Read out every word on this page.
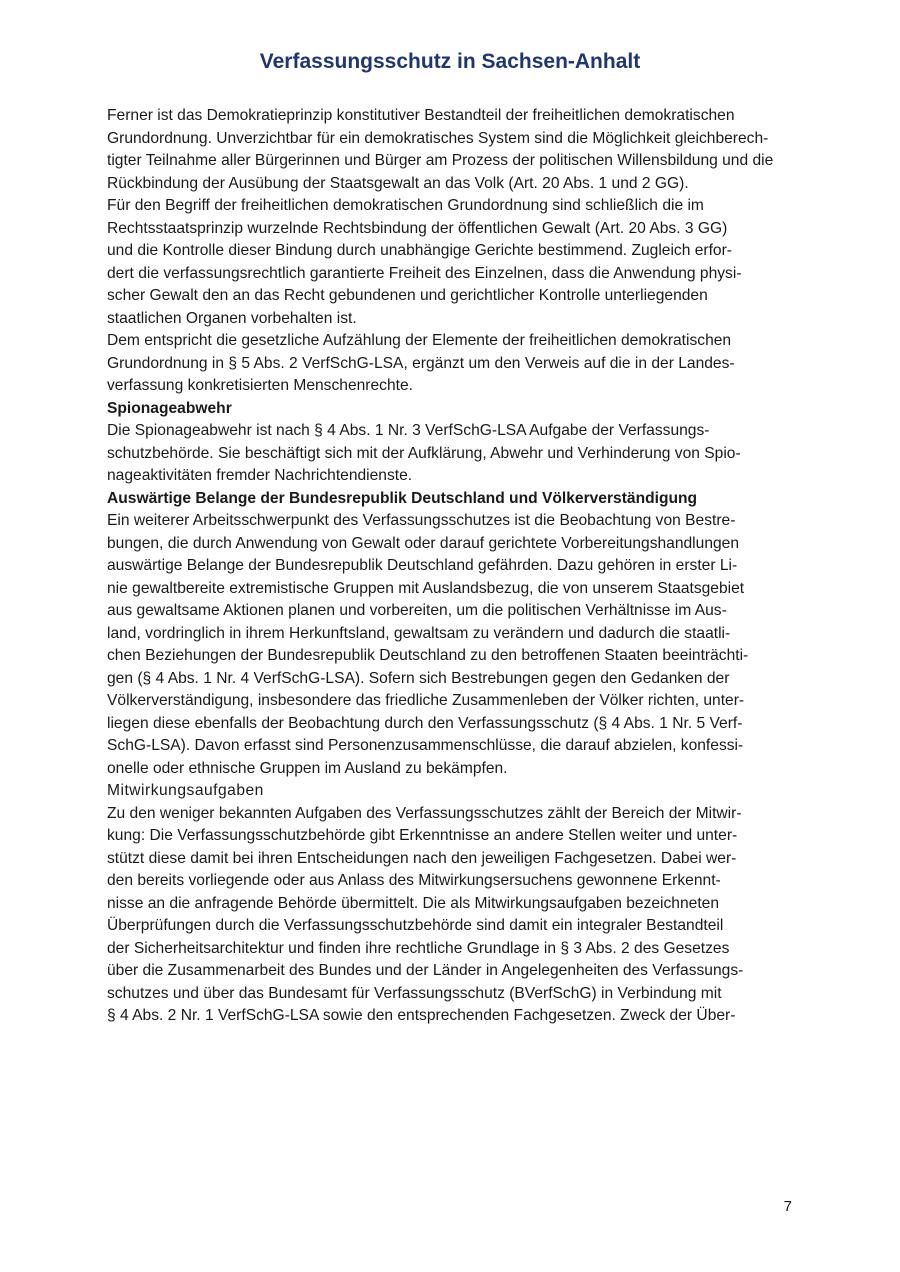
Verfassungsschutz in Sachsen-Anhalt

Ferner ist das Demokratieprinzip konstitutiver Bestandteil der freiheitlichen demokratischen
Grundordnung. Unverzichtbar für ein demokratisches System sind die Möglichkeit gleichberech-
tigter Teilnahme aller Bürgerinnen und Bürger am Prozess der politischen Willensbildung und die
Rückbindung der Ausübung der Staatsgewalt an das Volk (Art. 20 Abs. 1 und 2 GG).

Für den Begriff der freiheitlichen demokratischen Grundordnung sind schließlich die im
Rechtsstaatsprinzip wurzelnde Rechtsbindung der öffentlichen Gewalt (Art. 20 Abs. 3 GG)
und die Kontrolle dieser Bindung durch unabhängige Gerichte bestimmend. Zugleich erfor-
dert die verfassungsrechtlich garantierte Freiheit des Einzelnen, dass die Anwendung physi-
scher Gewalt den an das Recht gebundenen und gerichtlicher Kontrolle unterliegenden
staatlichen Organen vorbehalten ist.

Dem entspricht die gesetzliche Aufzählung der Elemente der freiheitlichen demokratischen
Grundordnung in § 5 Abs. 2 VerfSchG-LSA, ergänzt um den Verweis auf die in der Landes-
verfassung konkretisierten Menschenrechte.

Spionageabwehr
Die Spionageabwehr ist nach § 4 Abs. 1 Nr. 3 VerfSchG-LSA Aufgabe der Verfassungs-
schutzbehörde. Sie beschäftigt sich mit der Aufklärung, Abwehr und Verhinderung von Spio-
nageaktivitäten fremder Nachrichtendienste.

Auswärtige Belange der Bundesrepublik Deutschland und Völkerverständigung
Ein weiterer Arbeitsschwerpunkt des Verfassungsschutzes ist die Beobachtung von Bestre-
bungen, die durch Anwendung von Gewalt oder darauf gerichtete Vorbereitungshandlungen
auswärtige Belange der Bundesrepublik Deutschland gefährden. Dazu gehören in erster Li-
nie gewaltbereite extremistische Gruppen mit Auslandsbezug, die von unserem Staatsgebiet
aus gewaltsame Aktionen planen und vorbereiten, um die politischen Verhältnisse im Aus-
land, vordringlich in ihrem Herkunftsland, gewaltsam zu verändern und dadurch die staatli-
chen Beziehungen der Bundesrepublik Deutschland zu den betroffenen Staaten beeinträchti-
gen (§ 4 Abs. 1 Nr. 4 VerfSchG-LSA). Sofern sich Bestrebungen gegen den Gedanken der
Völkerverständigung, insbesondere das friedliche Zusammenleben der Völker richten, unter-
liegen diese ebenfalls der Beobachtung durch den Verfassungsschutz (§ 4 Abs. 1 Nr. 5 Verf-
SchG-LSA). Davon erfasst sind Personenzusammenschlüsse, die darauf abzielen, konfessi-
onelle oder ethnische Gruppen im Ausland zu bekämpfen.

Mitwirkungsaufgaben
Zu den weniger bekannten Aufgaben des Verfassungsschutzes zählt der Bereich der Mitwir-
kung: Die Verfassungsschutzbehörde gibt Erkenntnisse an andere Stellen weiter und unter-
stützt diese damit bei ihren Entscheidungen nach den jeweiligen Fachgesetzen. Dabei wer-
den bereits vorliegende oder aus Anlass des Mitwirkungsersuchens gewonnene Erkennt-
nisse an die anfragende Behörde übermittelt. Die als Mitwirkungsaufgaben bezeichneten
Überprüfungen durch die Verfassungsschutzbehörde sind damit ein integraler Bestandteil
der Sicherheitsarchitektur und finden ihre rechtliche Grundlage in § 3 Abs. 2 des Gesetzes
über die Zusammenarbeit des Bundes und der Länder in Angelegenheiten des Verfassungs-
schutzes und über das Bundesamt für Verfassungsschutz (BVerfSchG) in Verbindung mit
§ 4 Abs. 2 Nr. 1 VerfSchG-LSA sowie den entsprechenden Fachgesetzen. Zweck der Über-

7
